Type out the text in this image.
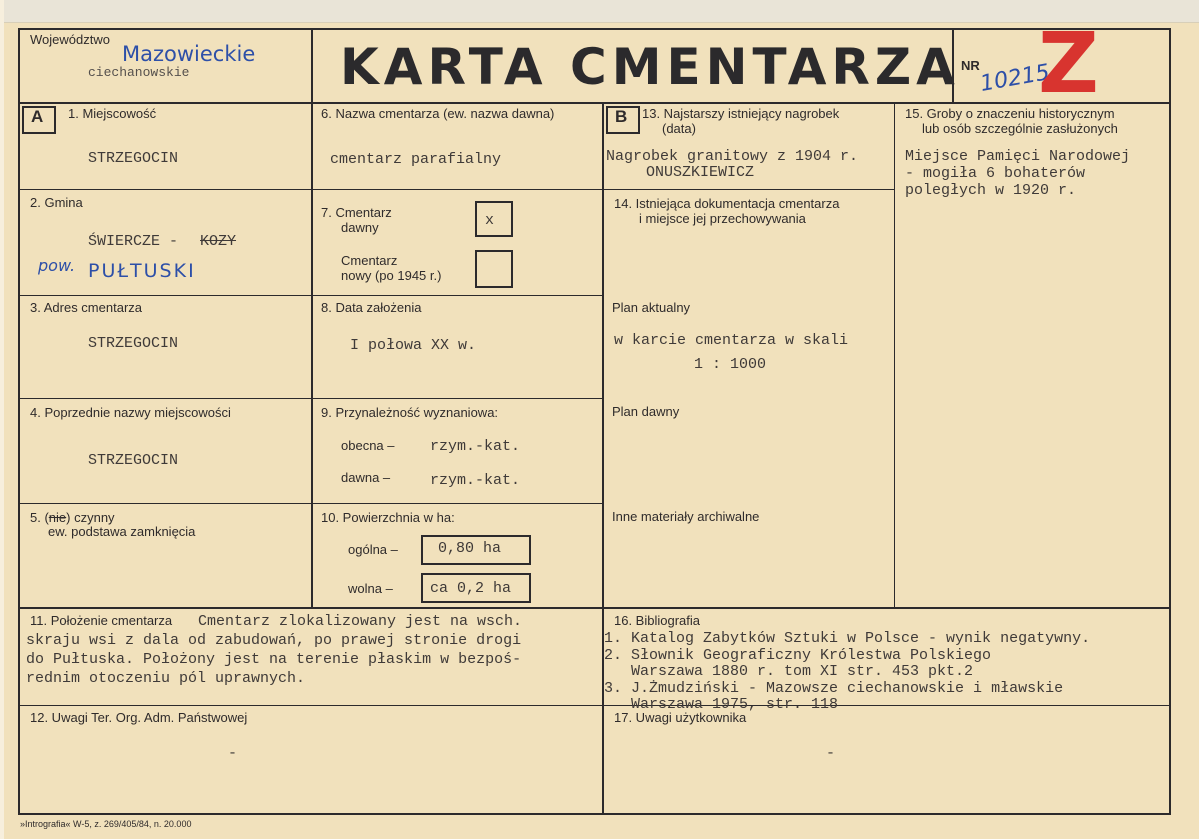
Województwo
Mazowieckie
ciechanowskie	KARTA CMENTARZA NR
10215
Z
A	B
1. Miejscowość
STRZEGOCIN
2. Gmina
ŚWIERCZE - KOZY
pow. PUŁTUSKI
3. Adres cmentarza
STRZEGOCIN
4. Poprzednie nazwy miejscowości
STRZEGOCIN
5. (nie) czynny
ew. podstawa zamknięcia
6. Nazwa cmentarza (ew. nazwa dawna)
cmentarz parafialny
7. Cmentarz
dawny	x
Cmentarz
nowy (po 1945 r.)
8. Data założenia
I połowa XX w.
9. Przynależność wyznaniowa:
obecna – rzym.-kat.
dawna –	rzym.-kat.
10. Powierzchnia w ha:
ogólna –	0,80 ha
wolna – ca 0,2 ha
13. Najstarszy istniejący nagrobek
(data)
Nagrobek granitowy z 1904 r.
ONUSZKIEWICZ
14. Istniejąca dokumentacja cmentarza
i miejsce jej przechowywania
Plan aktualny
w karcie cmentarza w skali
1 : 1000
Plan dawny
Inne materiały archiwalne
15. Groby o znaczeniu historycznym
lub osób szczególnie zasłużonych
Miejsce Pamięci Narodowej
- mogiła 6 bohaterów
poległych w 1920 r.
11. Położenie cmentarza Cmentarz zlokalizowany jest na wsch.
skraju wsi z dala od zabudowań, po prawej stronie drogi
do Pułtuska. Położony jest na terenie płaskim w bezpoś-
rednim otoczeniu pól uprawnych.
16. Bibliografia
1. Katalog Zabytków Sztuki w Polsce - wynik negatywny.
2. Słownik Geograficzny Królestwa Polskiego
Warszawa 1880 r. tom XI str. 453 pkt.2
3. J.Żmudziński - Mazowsze ciechanowskie i mławskie
Warszawa 1975, str. 118
12. Uwagi Ter. Org. Adm. Państwowej
-
17. Uwagi użytkownika
-
»Intrografia« W-5, z. 269/405/84, n. 20.000
